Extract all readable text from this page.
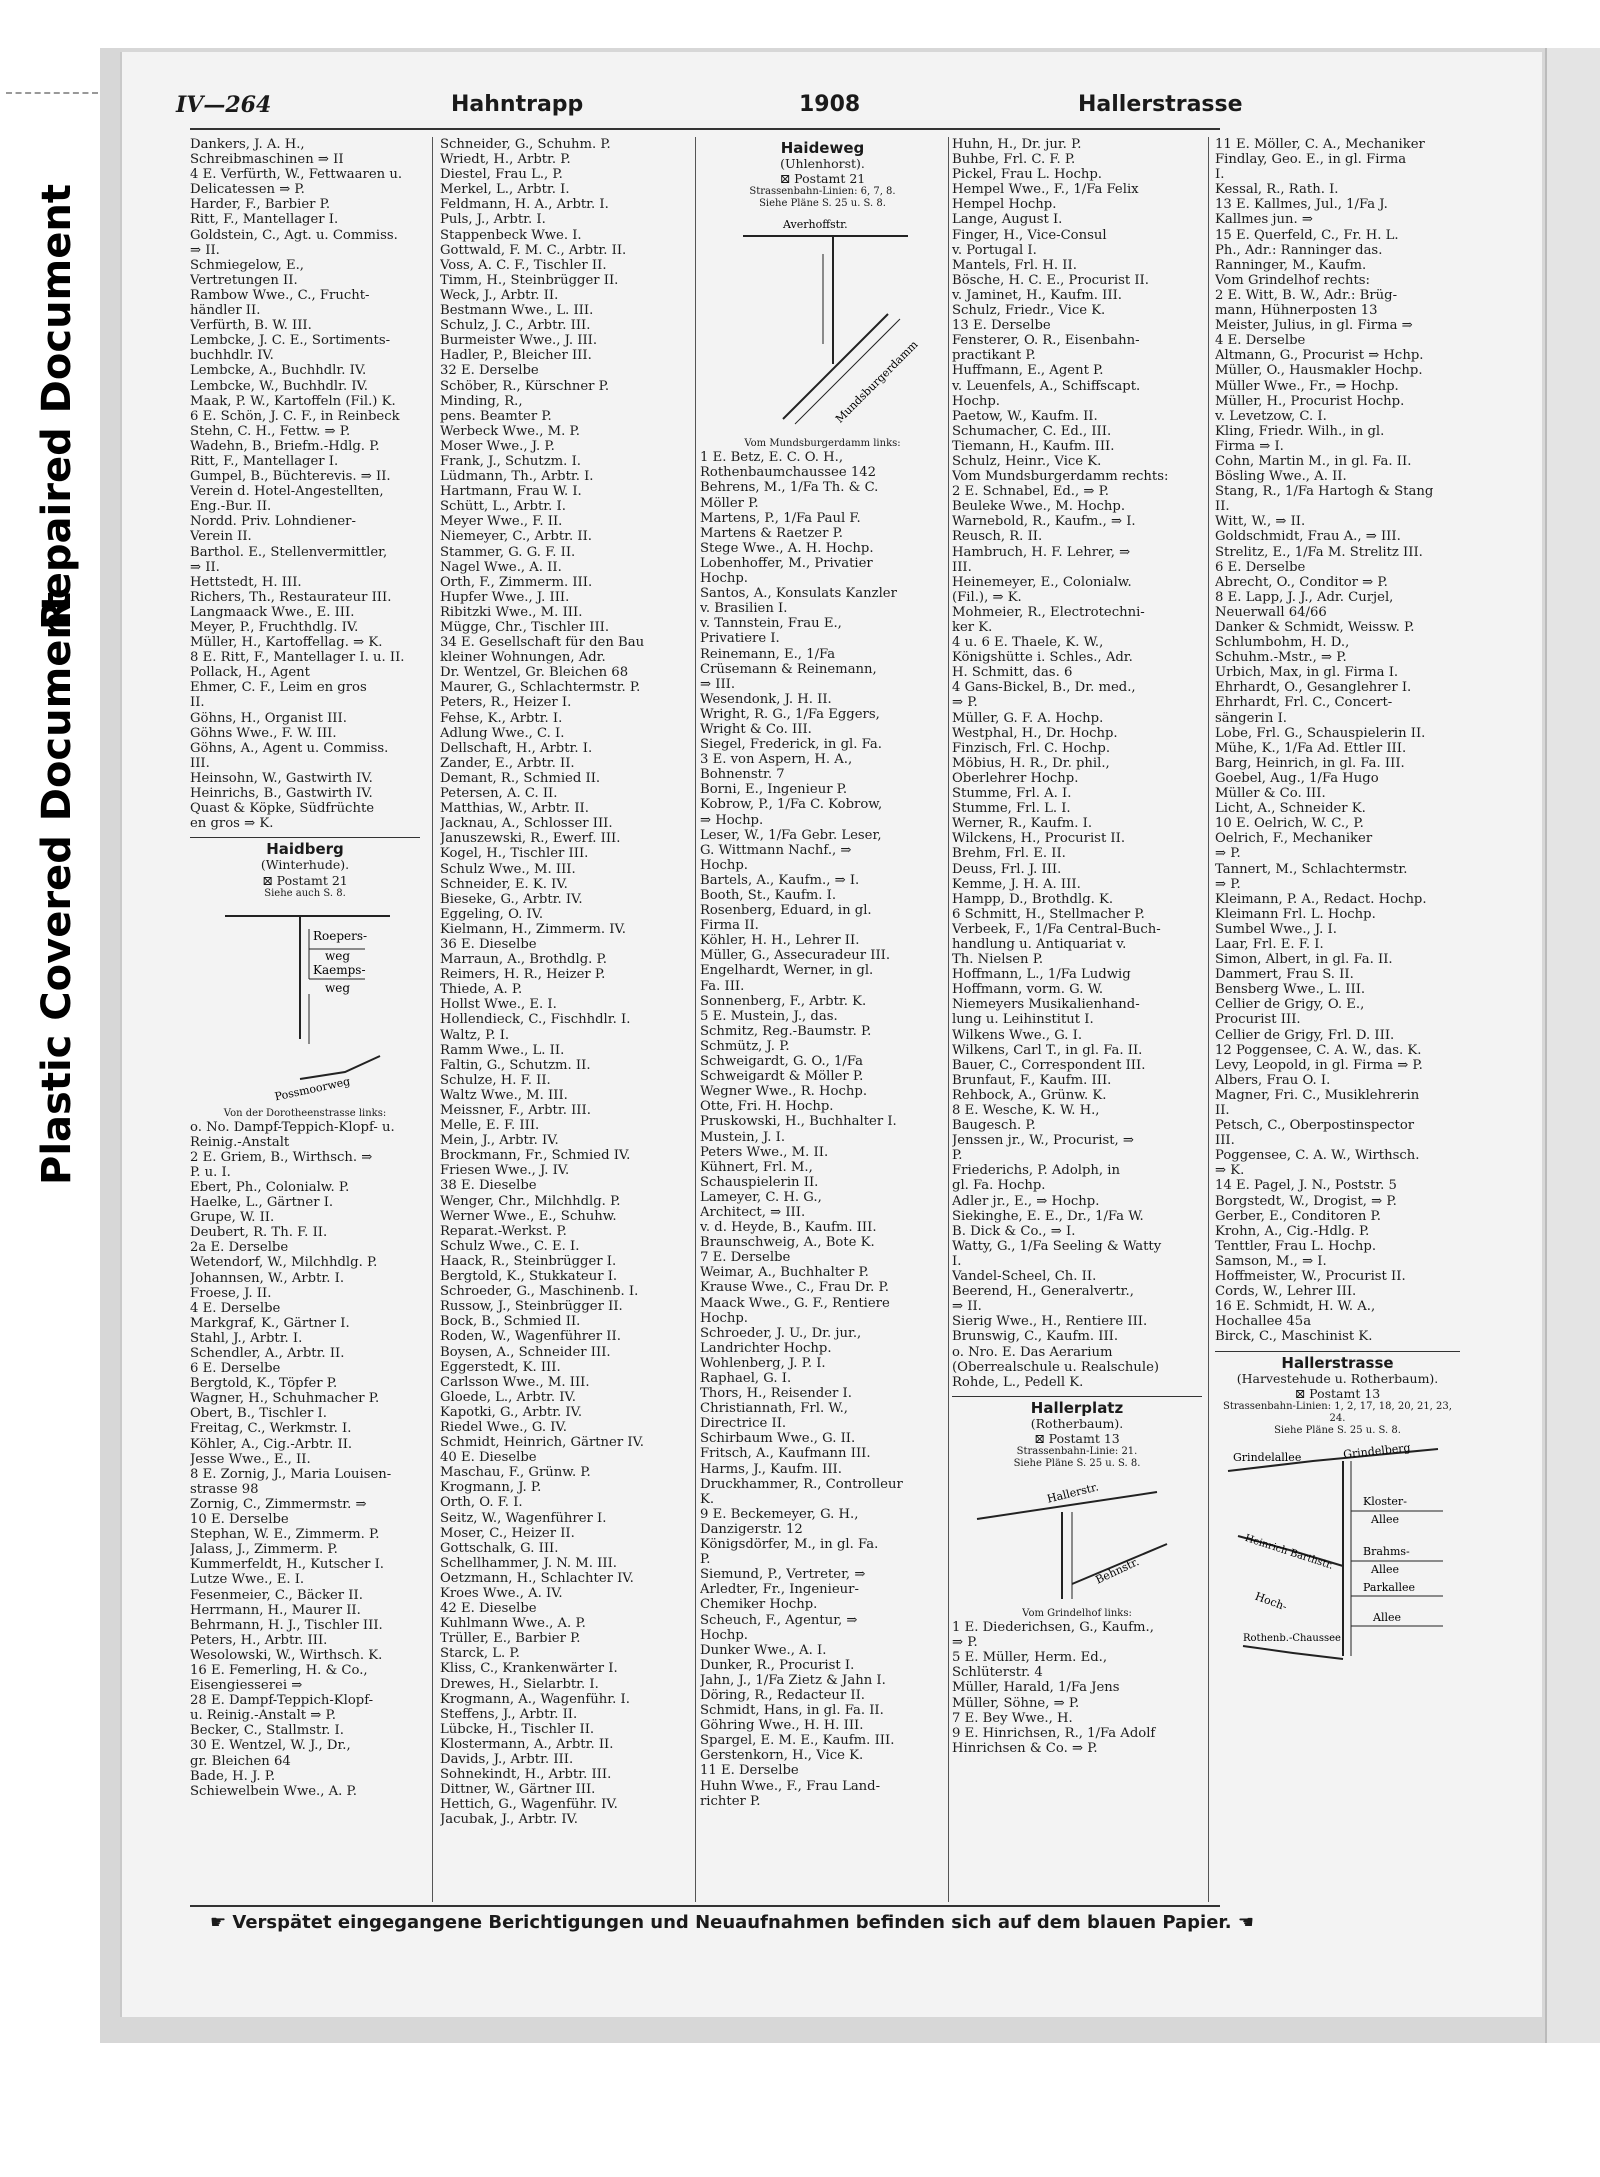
Repaired Document
Plastic Covered Document
IV—264	Hahntrapp	1908	Hallerstrasse
Dankers, J. A. H.,
Schreibmaschinen ⇒ II
4 E. Verfürth, W., Fettwaaren u.
Delicatessen ⇒ P.
Harder, F., Barbier P.
Ritt, F., Mantellager I.
Goldstein, C., Agt. u. Commiss.
⇒ II.
Schmiegelow, E.,
Vertretungen II.
Rambow Wwe., C., Frucht-
händler II.
Verfürth, B. W. III.
Lembcke, J. C. E., Sortiments-
buchhdlr. IV.
Lembcke, A., Buchhdlr. IV.
Lembcke, W., Buchhdlr. IV.
Maak, P. W., Kartoffeln (Fil.) K.
6 E. Schön, J. C. F., in Reinbeck
Stehn, C. H., Fettw. ⇒ P.
Wadehn, B., Briefm.-Hdlg. P.
Ritt, F., Mantellager I.
Gumpel, B., Büchterevis. ⇒ II.
Verein d. Hotel-Angestellten,
Eng.-Bur. II.
Nordd. Priv. Lohndiener-
Verein II.
Barthol. E., Stellenvermittler,
⇒ II.
Hettstedt, H. III.
Richers, Th., Restaurateur III.
Langmaack Wwe., E. III.
Meyer, P., Fruchthdlg. IV.
Müller, H., Kartoffellag. ⇒ K.
8 E. Ritt, F., Mantellager I. u. II.
Pollack, H., Agent
Ehmer, C. F., Leim en gros
II.
Göhns, H., Organist III.
Göhns Wwe., F. W. III.
Göhns, A., Agent u. Commiss.
III.
Heinsohn, W., Gastwirth IV.
Heinrichs, B., Gastwirth IV.
Quast & Köpke, Südfrüchte
en gros ⇒ K.
Haidberg
(Winterhude).
⊠ Postamt 21
Siehe auch S. 8.
Roepers-
weg
Kaemps-
weg
Possmoorweg
Von der Dorotheenstrasse links:
o. No. Dampf-Teppich-Klopf- u.
Reinig.-Anstalt
2 E. Griem, B., Wirthsch. ⇒
P. u. I.
Ebert, Ph., Colonialw. P.
Haelke, L., Gärtner I.
Grupe, W. II.
Deubert, R. Th. F. II.
2a E. Derselbe
Wetendorf, W., Milchhdlg. P.
Johannsen, W., Arbtr. I.
Froese, J. II.
4 E. Derselbe
Markgraf, K., Gärtner I.
Stahl, J., Arbtr. I.
Schendler, A., Arbtr. II.
6 E. Derselbe
Bergtold, K., Töpfer P.
Wagner, H., Schuhmacher P.
Obert, B., Tischler I.
Freitag, C., Werkmstr. I.
Köhler, A., Cig.-Arbtr. II.
Jesse Wwe., E., II.
8 E. Zornig, J., Maria Louisen-
strasse 98
Zornig, C., Zimmermstr. ⇒
10 E. Derselbe
Stephan, W. E., Zimmerm. P.
Jalass, J., Zimmerm. P.
Kummerfeldt, H., Kutscher I.
Lutze Wwe., E. I.
Fesenmeier, C., Bäcker II.
Herrmann, H., Maurer II.
Behrmann, H. J., Tischler III.
Peters, H., Arbtr. III.
Wesolowski, W., Wirthsch. K.
16 E. Femerling, H. & Co.,
Eisengiesserei ⇒
28 E. Dampf-Teppich-Klopf-
u. Reinig.-Anstalt ⇒ P.
Becker, C., Stallmstr. I.
30 E. Wentzel, W. J., Dr.,
gr. Bleichen 64
Bade, H. J. P.
Schiewelbein Wwe., A. P.
Schneider, G., Schuhm. P.
Wriedt, H., Arbtr. P.
Diestel, Frau L., P.
Merkel, L., Arbtr. I.
Feldmann, H. A., Arbtr. I.
Puls, J., Arbtr. I.
Stappenbeck Wwe. I.
Gottwald, F. M. C., Arbtr. II.
Voss, A. C. F., Tischler II.
Timm, H., Steinbrügger II.
Weck, J., Arbtr. II.
Bestmann Wwe., L. III.
Schulz, J. C., Arbtr. III.
Burmeister Wwe., J. III.
Hadler, P., Bleicher III.
32 E. Derselbe
Schöber, R., Kürschner P.
Minding, R.,
pens. Beamter P.
Werbeck Wwe., M. P.
Moser Wwe., J. P.
Frank, J., Schutzm. I.
Lüdmann, Th., Arbtr. I.
Hartmann, Frau W. I.
Schütt, L., Arbtr. I.
Meyer Wwe., F. II.
Niemeyer, C., Arbtr. II.
Stammer, G. G. F. II.
Nagel Wwe., A. II.
Orth, F., Zimmerm. III.
Hupfer Wwe., J. III.
Ribitzki Wwe., M. III.
Mügge, Chr., Tischler III.
34 E. Gesellschaft für den Bau
kleiner Wohnungen, Adr.
Dr. Wentzel, Gr. Bleichen 68
Maurer, G., Schlachtermstr. P.
Peters, R., Heizer I.
Fehse, K., Arbtr. I.
Adlung Wwe., C. I.
Dellschaft, H., Arbtr. I.
Zander, E., Arbtr. II.
Demant, R., Schmied II.
Petersen, A. C. II.
Matthias, W., Arbtr. II.
Jacknau, A., Schlosser III.
Januszewski, R., Ewerf. III.
Kogel, H., Tischler III.
Schulz Wwe., M. III.
Schneider, E. K. IV.
Bieseke, G., Arbtr. IV.
Eggeling, O. IV.
Kielmann, H., Zimmerm. IV.
36 E. Dieselbe
Marraun, A., Brothdlg. P.
Reimers, H. R., Heizer P.
Thiede, A. P.
Hollst Wwe., E. I.
Hollendieck, C., Fischhdlr. I.
Waltz, P. I.
Ramm Wwe., L. II.
Faltin, G., Schutzm. II.
Schulze, H. F. II.
Waltz Wwe., M. III.
Meissner, F., Arbtr. III.
Melle, E. F. III.
Mein, J., Arbtr. IV.
Brockmann, Fr., Schmied IV.
Friesen Wwe., J. IV.
38 E. Dieselbe
Wenger, Chr., Milchhdlg. P.
Werner Wwe., E., Schuhw.
Reparat.-Werkst. P.
Schulz Wwe., C. E. I.
Haack, R., Steinbrügger I.
Bergtold, K., Stukkateur I.
Schroeder, G., Maschinenb. I.
Russow, J., Steinbrügger II.
Bock, B., Schmied II.
Roden, W., Wagenführer II.
Boysen, A., Schneider III.
Eggerstedt, K. III.
Carlsson Wwe., M. III.
Gloede, L., Arbtr. IV.
Kapotki, G., Arbtr. IV.
Riedel Wwe., G. IV.
Schmidt, Heinrich, Gärtner IV.
40 E. Dieselbe
Maschau, F., Grünw. P.
Krogmann, J. P.
Orth, O. F. I.
Seitz, W., Wagenführer I.
Moser, C., Heizer II.
Gottschalk, G. III.
Schellhammer, J. N. M. III.
Oetzmann, H., Schlachter IV.
Kroes Wwe., A. IV.
42 E. Dieselbe
Kuhlmann Wwe., A. P.
Trüller, E., Barbier P.
Starck, L. P.
Kliss, C., Krankenwärter I.
Drewes, H., Sielarbtr. I.
Krogmann, A., Wagenführ. I.
Steffens, J., Arbtr. II.
Lübcke, H., Tischler II.
Klostermann, A., Arbtr. II.
Davids, J., Arbtr. III.
Sohnekindt, H., Arbtr. III.
Dittner, W., Gärtner III.
Hettich, G., Wagenführ. IV.
Jacubak, J., Arbtr. IV.
Haideweg
(Uhlenhorst).
⊠ Postamt 21
Strassenbahn-Linien: 6, 7, 8.
Siehe Pläne S. 25 u. S. 8.
Averhoffstr.
Mundsburgerdamm
Vom Mundsburgerdamm links:
1 E. Betz, E. C. O. H.,
Rothenbaumchaussee 142
Behrens, M., 1/Fa Th. & C.
Möller P.
Martens, P., 1/Fa Paul F.
Martens & Raetzer P.
Stege Wwe., A. H. Hochp.
Lobenhoffer, M., Privatier
Hochp.
Santos, A., Konsulats Kanzler
v. Brasilien I.
v. Tannstein, Frau E.,
Privatiere I.
Reinemann, E., 1/Fa
Crüsemann & Reinemann,
⇒ III.
Wesendonk, J. H. II.
Wright, R. G., 1/Fa Eggers,
Wright & Co. III.
Siegel, Frederick, in gl. Fa.
3 E. von Aspern, H. A.,
Bohnenstr. 7
Borni, E., Ingenieur P.
Kobrow, P., 1/Fa C. Kobrow,
⇒ Hochp.
Leser, W., 1/Fa Gebr. Leser,
G. Wittmann Nachf., ⇒
Hochp.
Bartels, A., Kaufm., ⇒ I.
Booth, St., Kaufm. I.
Rosenberg, Eduard, in gl.
Firma II.
Köhler, H. H., Lehrer II.
Müller, G., Assecuradeur III.
Engelhardt, Werner, in gl.
Fa. III.
Sonnenberg, F., Arbtr. K.
5 E. Mustein, J., das.
Schmitz, Reg.-Baumstr. P.
Schmütz, J. P.
Schweigardt, G. O., 1/Fa
Schweigardt & Möller P.
Wegner Wwe., R. Hochp.
Otte, Fri. H. Hochp.
Pruskowski, H., Buchhalter I.
Mustein, J. I.
Peters Wwe., M. II.
Kühnert, Frl. M.,
Schauspielerin II.
Lameyer, C. H. G.,
Architect, ⇒ III.
v. d. Heyde, B., Kaufm. III.
Braunschweig, A., Bote K.
7 E. Derselbe
Weimar, A., Buchhalter P.
Krause Wwe., C., Frau Dr. P.
Maack Wwe., G. F., Rentiere
Hochp.
Schroeder, J. U., Dr. jur.,
Landrichter Hochp.
Wohlenberg, J. P. I.
Raphael, G. I.
Thors, H., Reisender I.
Christiannath, Frl. W.,
Directrice II.
Schirbaum Wwe., G. II.
Fritsch, A., Kaufmann III.
Harms, J., Kaufm. III.
Druckhammer, R., Controlleur
K.
9 E. Beckemeyer, G. H.,
Danzigerstr. 12
Königsdörfer, M., in gl. Fa.
P.
Siemund, P., Vertreter, ⇒
Arledter, Fr., Ingenieur-
Chemiker Hochp.
Scheuch, F., Agentur, ⇒
Hochp.
Dunker Wwe., A. I.
Dunker, R., Procurist I.
Jahn, J., 1/Fa Zietz & Jahn I.
Döring, R., Redacteur II.
Schmidt, Hans, in gl. Fa. II.
Göhring Wwe., H. H. III.
Spargel, E. M. E., Kaufm. III.
Gerstenkorn, H., Vice K.
11 E. Derselbe
Huhn Wwe., F., Frau Land-
richter P.
Huhn, H., Dr. jur. P.
Buhbe, Frl. C. F. P.
Pickel, Frau L. Hochp.
Hempel Wwe., F., 1/Fa Felix
Hempel Hochp.
Lange, August I.
Finger, H., Vice-Consul
v. Portugal I.
Mantels, Frl. H. II.
Bösche, H. C. E., Procurist II.
v. Jaminet, H., Kaufm. III.
Schulz, Friedr., Vice K.
13 E. Derselbe
Fensterer, O. R., Eisenbahn-
practikant P.
Huffmann, E., Agent P.
v. Leuenfels, A., Schiffscapt.
Hochp.
Paetow, W., Kaufm. II.
Schumacher, C. Ed., III.
Tiemann, H., Kaufm. III.
Schulz, Heinr., Vice K.
Vom Mundsburgerdamm rechts:
2 E. Schnabel, Ed., ⇒ P.
Beuleke Wwe., M. Hochp.
Warnebold, R., Kaufm., ⇒ I.
Reusch, R. II.
Hambruch, H. F. Lehrer, ⇒
III.
Heinemeyer, E., Colonialw.
(Fil.), ⇒ K.
Mohmeier, R., Electrotechni-
ker K.
4 u. 6 E. Thaele, K. W.,
Königshütte i. Schles., Adr.
H. Schmitt, das. 6
4 Gans-Bickel, B., Dr. med.,
⇒ P.
Müller, G. F. A. Hochp.
Westphal, H., Dr. Hochp.
Finzisch, Frl. C. Hochp.
Möbius, H. R., Dr. phil.,
Oberlehrer Hochp.
Stumme, Frl. A. I.
Stumme, Frl. L. I.
Werner, R., Kaufm. I.
Wilckens, H., Procurist II.
Brehm, Frl. E. II.
Deuss, Frl. J. III.
Kemme, J. H. A. III.
Hampp, D., Brothdlg. K.
6 Schmitt, H., Stellmacher P.
Verbeek, F., 1/Fa Central-Buch-
handlung u. Antiquariat v.
Th. Nielsen P.
Hoffmann, L., 1/Fa Ludwig
Hoffmann, vorm. G. W.
Niemeyers Musikalienhand-
lung u. Leihinstitut I.
Wilkens Wwe., G. I.
Wilkens, Carl T., in gl. Fa. II.
Bauer, C., Correspondent III.
Brunfaut, F., Kaufm. III.
Rehbock, A., Grünw. K.
8 E. Wesche, K. W. H.,
Baugesch. P.
Jenssen jr., W., Procurist, ⇒
P.
Friederichs, P. Adolph, in
gl. Fa. Hochp.
Adler jr., E., ⇒ Hochp.
Siekinghe, E. E., Dr., 1/Fa W.
B. Dick & Co., ⇒ I.
Watty, G., 1/Fa Seeling & Watty
I.
Vandel-Scheel, Ch. II.
Beerend, H., Generalvertr.,
⇒ II.
Sierig Wwe., H., Rentiere III.
Brunswig, C., Kaufm. III.
o. Nro. E. Das Aerarium
(Oberrealschule u. Realschule)
Rohde, L., Pedell K.
Hallerplatz
(Rotherbaum).
⊠ Postamt 13
Strassenbahn-Linie: 21.
Siehe Pläne S. 25 u. S. 8.
Hallerstr.
Behnstr.
Vom Grindelhof links:
1 E. Diederichsen, G., Kaufm.,
⇒ P.
5 E. Müller, Herm. Ed.,
Schlüterstr. 4
Müller, Harald, 1/Fa Jens
Müller, Söhne, ⇒ P.
7 E. Bey Wwe., H.
9 E. Hinrichsen, R., 1/Fa Adolf
Hinrichsen & Co. ⇒ P.
11 E. Möller, C. A., Mechaniker
Findlay, Geo. E., in gl. Firma
I.
Kessal, R., Rath. I.
13 E. Kallmes, Jul., 1/Fa J.
Kallmes jun. ⇒
15 E. Querfeld, C., Fr. H. L.
Ph., Adr.: Ranninger das.
Ranninger, M., Kaufm.
Vom Grindelhof rechts:
2 E. Witt, B. W., Adr.: Brüg-
mann, Hühnerposten 13
Meister, Julius, in gl. Firma ⇒
4 E. Derselbe
Altmann, G., Procurist ⇒ Hchp.
Müller, O., Hausmakler Hochp.
Müller Wwe., Fr., ⇒ Hochp.
Müller, H., Procurist Hochp.
v. Levetzow, C. I.
Kling, Friedr. Wilh., in gl.
Firma ⇒ I.
Cohn, Martin M., in gl. Fa. II.
Bösling Wwe., A. II.
Stang, R., 1/Fa Hartogh & Stang
II.
Witt, W., ⇒ II.
Goldschmidt, Frau A., ⇒ III.
Strelitz, E., 1/Fa M. Strelitz III.
6 E. Derselbe
Abrecht, O., Conditor ⇒ P.
8 E. Lapp, J. J., Adr. Curjel,
Neuerwall 64/66
Danker & Schmidt, Weissw. P.
Schlumbohm, H. D.,
Schuhm.-Mstr., ⇒ P.
Urbich, Max, in gl. Firma I.
Ehrhardt, O., Gesanglehrer I.
Ehrhardt, Frl. C., Concert-
sängerin I.
Lobe, Frl. G., Schauspielerin II.
Mühe, K., 1/Fa Ad. Ettler III.
Barg, Heinrich, in gl. Fa. III.
Goebel, Aug., 1/Fa Hugo
Müller & Co. III.
Licht, A., Schneider K.
10 E. Oelrich, W. C., P.
Oelrich, F., Mechaniker
⇒ P.
Tannert, M., Schlachtermstr.
⇒ P.
Kleimann, P. A., Redact. Hochp.
Kleimann Frl. L. Hochp.
Sumbel Wwe., J. I.
Laar, Frl. E. F. I.
Simon, Albert, in gl. Fa. II.
Dammert, Frau S. II.
Bensberg Wwe., L. III.
Cellier de Grigy, O. E.,
Procurist III.
Cellier de Grigy, Frl. D. III.
12 Poggensee, C. A. W., das. K.
Levy, Leopold, in gl. Firma ⇒ P.
Albers, Frau O. I.
Magner, Fri. C., Musiklehrerin
II.
Petsch, C., Oberpostinspector
III.
Poggensee, C. A. W., Wirthsch.
⇒ K.
14 E. Pagel, J. N., Poststr. 5
Borgstedt, W., Drogist, ⇒ P.
Gerber, E., Conditoren P.
Krohn, A., Cig.-Hdlg. P.
Tenttler, Frau L. Hochp.
Samson, M., ⇒ I.
Hoffmeister, W., Procurist II.
Cords, W., Lehrer III.
16 E. Schmidt, H. W. A.,
Hochallee 45a
Birck, C., Maschinist K.
Hallerstrasse
(Harvestehude u. Rotherbaum).
⊠ Postamt 13
Strassenbahn-Linien: 1, 2, 17, 18, 20, 21, 23, 24.
Siehe Pläne S. 25 u. S. 8.
Grindelallee	Grindelberg
Kloster-
Allee
Heinrich Barthstr.	Brahms-
Allee
Parkallee
Hoch-
Allee
Rothenb.-Chaussee
☛ Verspätet eingegangene Berichtigungen und Neuaufnahmen befinden sich auf dem blauen Papier. ☚
